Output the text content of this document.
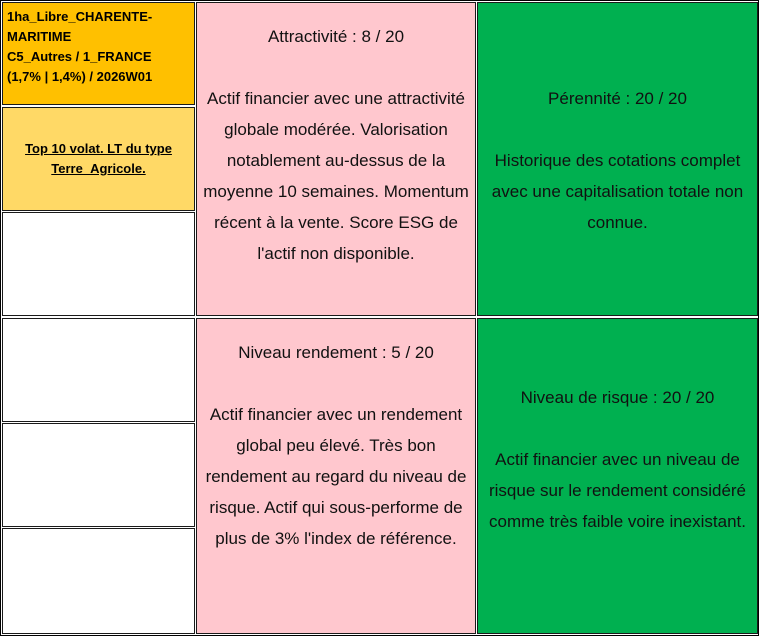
1ha_Libre_CHARENTE-
MARITIME
C5_Autres / 1_FRANCE
(1,7% | 1,4%) / 2026W01
Top 10 volat. LT du type Terre_Agricole.
Attractivité : 8 / 20
Actif financier avec une attractivité globale modérée. Valorisation notablement au-dessus de la moyenne 10 semaines. Momentum récent à la vente. Score ESG de l'actif non disponible.
Pérennité : 20 / 20
Historique des cotations complet avec une capitalisation totale non connue.
Niveau rendement : 5 / 20
Actif financier avec un rendement global peu élevé. Très bon rendement au regard du niveau de risque. Actif qui sous-performe de plus de 3% l'index de référence.
Niveau de risque : 20 / 20
Actif financier avec un niveau de risque sur le rendement considéré comme très faible voire inexistant.
